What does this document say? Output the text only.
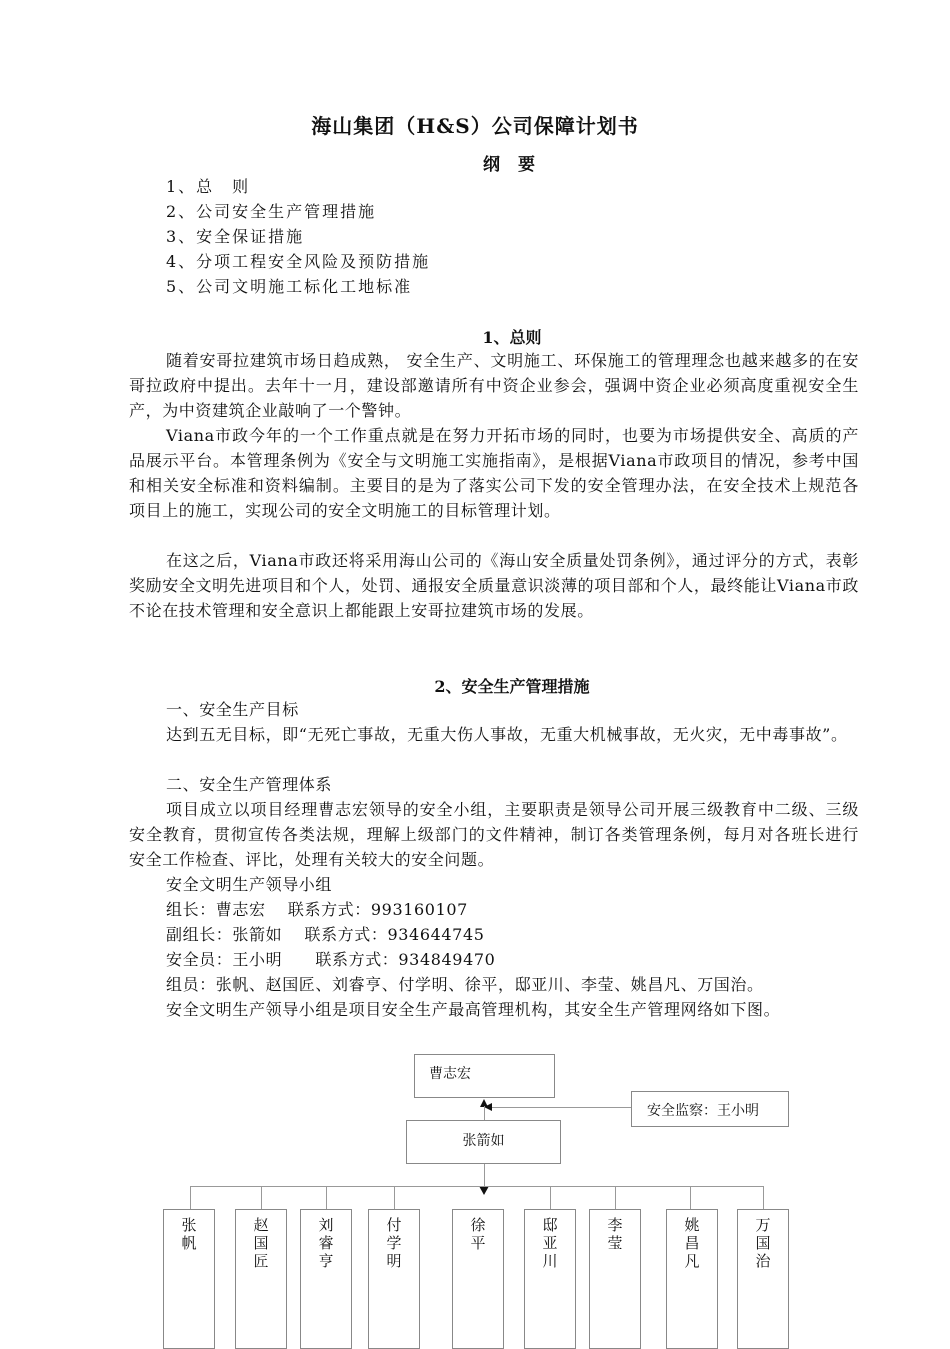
海山集团（H&S）公司保障计划书
纲 要
1、总　则
2、公司安全生产管理措施
3、安全保证措施
4、分项工程安全风险及预防措施
5、公司文明施工标化工地标准
1、总则
随着安哥拉建筑市场日趋成熟， 安全生产、文明施工、环保施工的管理理念也越来越多的在安哥拉政府中提出。去年十一月，建设部邀请所有中资企业参会，强调中资企业必须高度重视安全生产，为中资建筑企业敲响了一个警钟。
Viana市政今年的一个工作重点就是在努力开拓市场的同时，也要为市场提供安全、高质的产品展示平台。本管理条例为《安全与文明施工实施指南》，是根据Viana市政项目的情况，参考中国和相关安全标准和资料编制。主要目的是为了落实公司下发的安全管理办法，在安全技术上规范各项目上的施工，实现公司的安全文明施工的目标管理计划。
在这之后，Viana市政还将采用海山公司的《海山安全质量处罚条例》，通过评分的方式，表彰奖励安全文明先进项目和个人，处罚、通报安全质量意识淡薄的项目部和个人，最终能让Viana市政不论在技术管理和安全意识上都能跟上安哥拉建筑市场的发展。
2、安全生产管理措施
一、安全生产目标
达到五无目标，即“无死亡事故，无重大伤人事故，无重大机械事故，无火灾，无中毒事故”。
二、安全生产管理体系
项目成立以项目经理曹志宏领导的安全小组，主要职责是领导公司开展三级教育中二级、三级安全教育，贯彻宣传各类法规，理解上级部门的文件精神，制订各类管理条例，每月对各班长进行安全工作检查、评比，处理有关较大的安全问题。
安全文明生产领导小组
组长：曹志宏　 联系方式：993160107
副组长：张箭如　 联系方式：934644745
安全员：王小明　　联系方式：934849470
组员：张帆、赵国匠、刘睿亨、付学明、徐平，邸亚川、李莹、姚昌凡、万国治。
安全文明生产领导小组是项目安全生产最高管理机构，其安全生产管理网络如下图。
曹志宏
安全监察：王小明
张箭如
张帆
赵国匠
刘睿亨
付学明
徐平
邸亚川
李莹
姚昌凡
万国治
